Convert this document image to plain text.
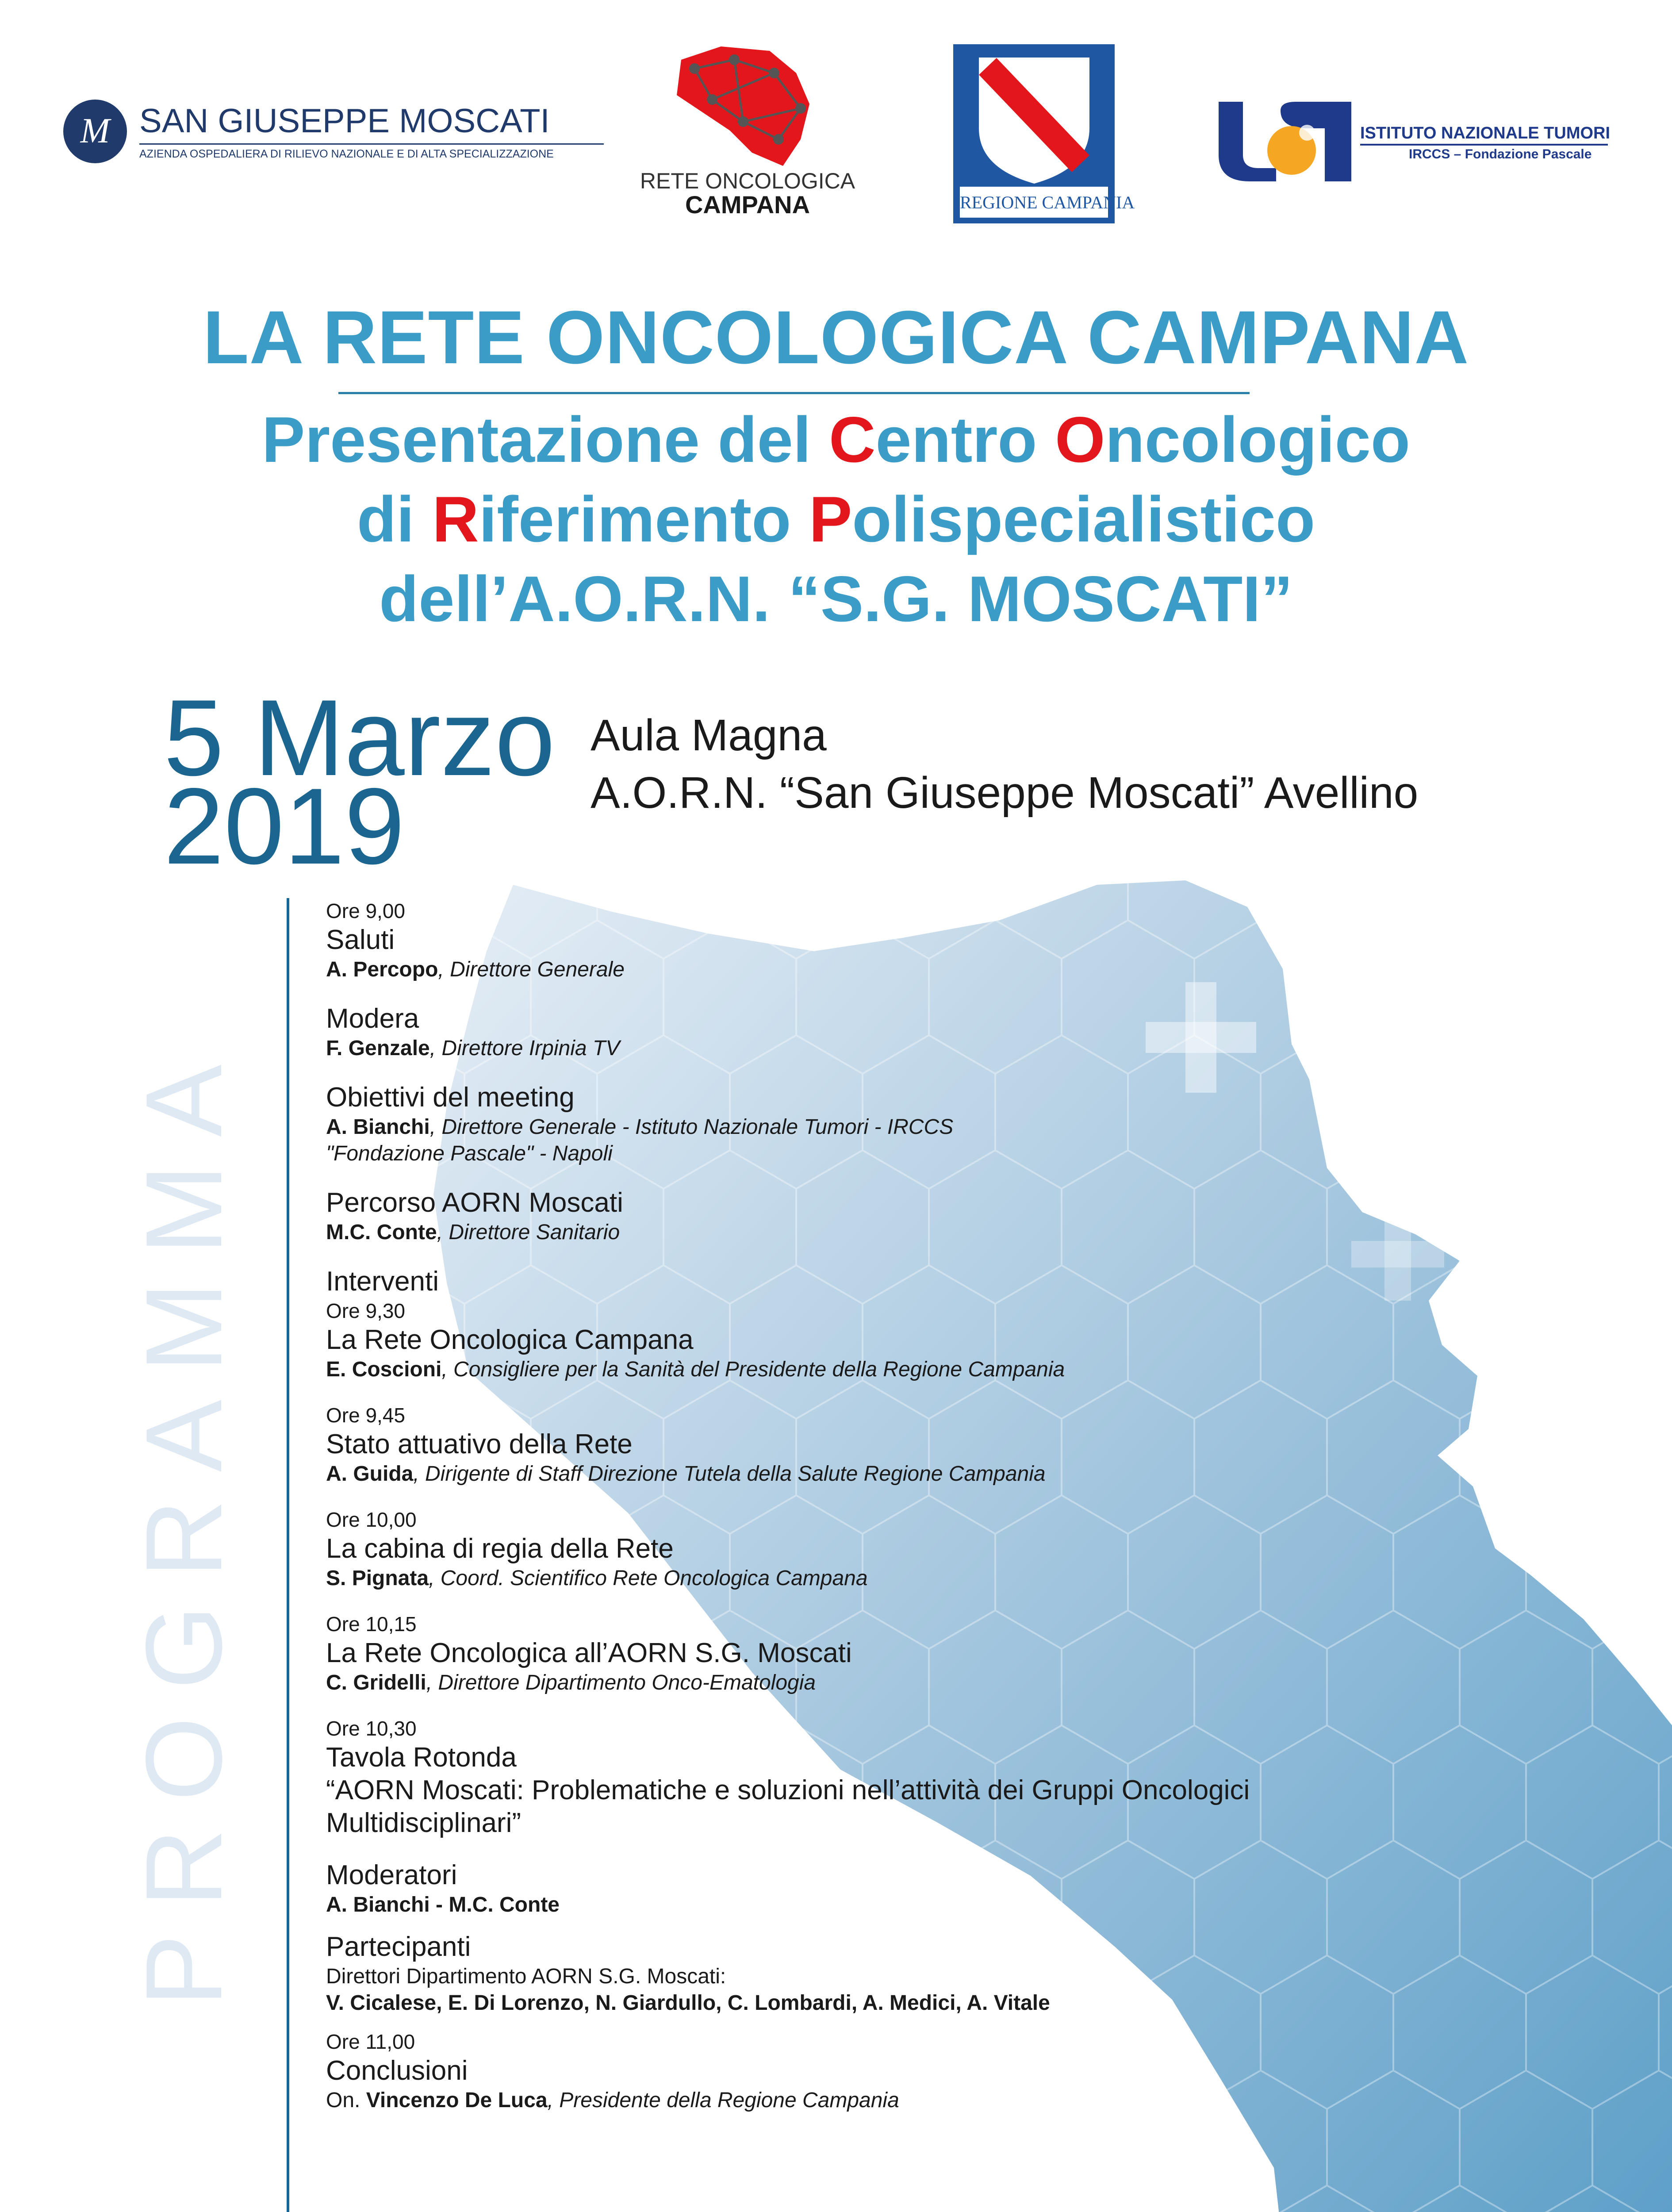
M SAN GIUSEPPE MOSCATI
AZIENDA OSPEDALIERA DI RILIEVO NAZIONALE E DI ALTA SPECIALIZZAZIONE
RETE ONCOLOGICA
CAMPANA	REGIONE CAMPANIA
ISTITUTO NAZIONALE TUMORI
IRCCS – Fondazione Pascale
LA RETE ONCOLOGICA CAMPANA
Presentazione del Centro Oncologico
di Riferimento Polispecialistico
dell’A.O.R.N. “S.G. MOSCATI”
5 Marzo
2019
Aula Magna
A.O.R.N. “San Giuseppe Moscati” Avellino
PROGRAMMA
Ore 9,00
Saluti
A. Percopo, Direttore Generale
Modera
F. Genzale, Direttore Irpinia TV
Obiettivi del meeting
A. Bianchi, Direttore Generale - Istituto Nazionale Tumori - IRCCS
"Fondazione Pascale" - Napoli
Percorso AORN Moscati
M.C. Conte, Direttore Sanitario
Interventi
Ore 9,30
La Rete Oncologica Campana
E. Coscioni, Consigliere per la Sanità del Presidente della Regione Campania
Ore 9,45
Stato attuativo della Rete
A. Guida, Dirigente di Staff Direzione Tutela della Salute Regione Campania
Ore 10,00
La cabina di regia della Rete
S. Pignata, Coord. Scientifico Rete Oncologica Campana
Ore 10,15
La Rete Oncologica all’AORN S.G. Moscati
C. Gridelli, Direttore Dipartimento Onco-Ematologia
Ore 10,30
Tavola Rotonda
“AORN Moscati: Problematiche e soluzioni nell’attività dei Gruppi Oncologici
Multidisciplinari”
Moderatori
A. Bianchi - M.C. Conte
Partecipanti
Direttori Dipartimento AORN S.G. Moscati:
V. Cicalese, E. Di Lorenzo, N. Giardullo, C. Lombardi, A. Medici, A. Vitale
Ore 11,00
Conclusioni
On. Vincenzo De Luca, Presidente della Regione Campania
